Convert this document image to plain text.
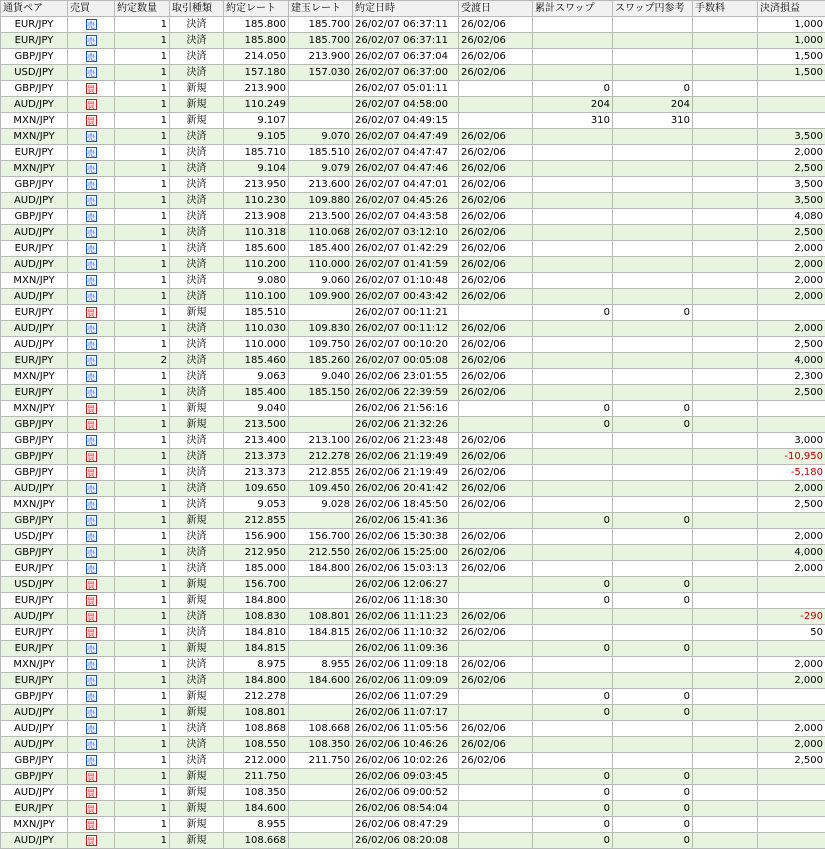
通貨ペア	売買	約定数量	取引種類	約定レート	建玉レート	約定日時	受渡日	累計スワップ	スワップ円参考	手数料	決済損益
EUR/JPY	売	1	決済	185.800	185.700	26/02/07 06:37:11	26/02/06				1,000
EUR/JPY	売	1	決済	185.800	185.700	26/02/07 06:37:11	26/02/06				1,000
GBP/JPY	売	1	決済	214.050	213.900	26/02/07 06:37:04	26/02/06				1,500
USD/JPY	売	1	決済	157.180	157.030	26/02/07 06:37:00	26/02/06				1,500
GBP/JPY	買	1	新規	213.900		26/02/07 05:01:11		0	0		
AUD/JPY	買	1	新規	110.249		26/02/07 04:58:00		204	204		
MXN/JPY	買	1	新規	9.107		26/02/07 04:49:15		310	310		
MXN/JPY	売	1	決済	9.105	9.070	26/02/07 04:47:49	26/02/06				3,500
EUR/JPY	売	1	決済	185.710	185.510	26/02/07 04:47:47	26/02/06				2,000
MXN/JPY	売	1	決済	9.104	9.079	26/02/07 04:47:46	26/02/06				2,500
GBP/JPY	売	1	決済	213.950	213.600	26/02/07 04:47:01	26/02/06				3,500
AUD/JPY	売	1	決済	110.230	109.880	26/02/07 04:45:26	26/02/06				3,500
GBP/JPY	売	1	決済	213.908	213.500	26/02/07 04:43:58	26/02/06				4,080
AUD/JPY	売	1	決済	110.318	110.068	26/02/07 03:12:10	26/02/06				2,500
EUR/JPY	売	1	決済	185.600	185.400	26/02/07 01:42:29	26/02/06				2,000
AUD/JPY	売	1	決済	110.200	110.000	26/02/07 01:41:59	26/02/06				2,000
MXN/JPY	売	1	決済	9.080	9.060	26/02/07 01:10:48	26/02/06				2,000
AUD/JPY	売	1	決済	110.100	109.900	26/02/07 00:43:42	26/02/06				2,000
EUR/JPY	買	1	新規	185.510		26/02/07 00:11:21		0	0		
AUD/JPY	売	1	決済	110.030	109.830	26/02/07 00:11:12	26/02/06				2,000
AUD/JPY	売	1	決済	110.000	109.750	26/02/07 00:10:20	26/02/06				2,500
EUR/JPY	売	2	決済	185.460	185.260	26/02/07 00:05:08	26/02/06				4,000
MXN/JPY	売	1	決済	9.063	9.040	26/02/06 23:01:55	26/02/06				2,300
EUR/JPY	売	1	決済	185.400	185.150	26/02/06 22:39:59	26/02/06				2,500
MXN/JPY	買	1	新規	9.040		26/02/06 21:56:16		0	0		
GBP/JPY	買	1	新規	213.500		26/02/06 21:32:26		0	0		
GBP/JPY	売	1	決済	213.400	213.100	26/02/06 21:23:48	26/02/06				3,000
GBP/JPY	買	1	決済	213.373	212.278	26/02/06 21:19:49	26/02/06				-10,950
GBP/JPY	買	1	決済	213.373	212.855	26/02/06 21:19:49	26/02/06				-5,180
AUD/JPY	売	1	決済	109.650	109.450	26/02/06 20:41:42	26/02/06				2,000
MXN/JPY	売	1	決済	9.053	9.028	26/02/06 18:45:50	26/02/06				2,500
GBP/JPY	売	1	新規	212.855		26/02/06 15:41:36		0	0		
USD/JPY	売	1	決済	156.900	156.700	26/02/06 15:30:38	26/02/06				2,000
GBP/JPY	売	1	決済	212.950	212.550	26/02/06 15:25:00	26/02/06				4,000
EUR/JPY	売	1	決済	185.000	184.800	26/02/06 15:03:13	26/02/06				2,000
USD/JPY	買	1	新規	156.700		26/02/06 12:06:27		0	0		
EUR/JPY	買	1	新規	184.800		26/02/06 11:18:30		0	0		
AUD/JPY	買	1	決済	108.830	108.801	26/02/06 11:11:23	26/02/06				-290
EUR/JPY	買	1	決済	184.810	184.815	26/02/06 11:10:32	26/02/06				50
EUR/JPY	売	1	新規	184.815		26/02/06 11:09:36		0	0		
MXN/JPY	売	1	決済	8.975	8.955	26/02/06 11:09:18	26/02/06				2,000
EUR/JPY	売	1	決済	184.800	184.600	26/02/06 11:09:09	26/02/06				2,000
GBP/JPY	売	1	新規	212.278		26/02/06 11:07:29		0	0		
AUD/JPY	売	1	新規	108.801		26/02/06 11:07:17		0	0		
AUD/JPY	売	1	決済	108.868	108.668	26/02/06 11:05:56	26/02/06				2,000
AUD/JPY	売	1	決済	108.550	108.350	26/02/06 10:46:26	26/02/06				2,000
GBP/JPY	売	1	決済	212.000	211.750	26/02/06 10:02:26	26/02/06				2,500
GBP/JPY	買	1	新規	211.750		26/02/06 09:03:45		0	0		
AUD/JPY	買	1	新規	108.350		26/02/06 09:00:52		0	0		
EUR/JPY	買	1	新規	184.600		26/02/06 08:54:04		0	0		
MXN/JPY	買	1	新規	8.955		26/02/06 08:47:29		0	0		
AUD/JPY	買	1	新規	108.668		26/02/06 08:20:08		0	0		
